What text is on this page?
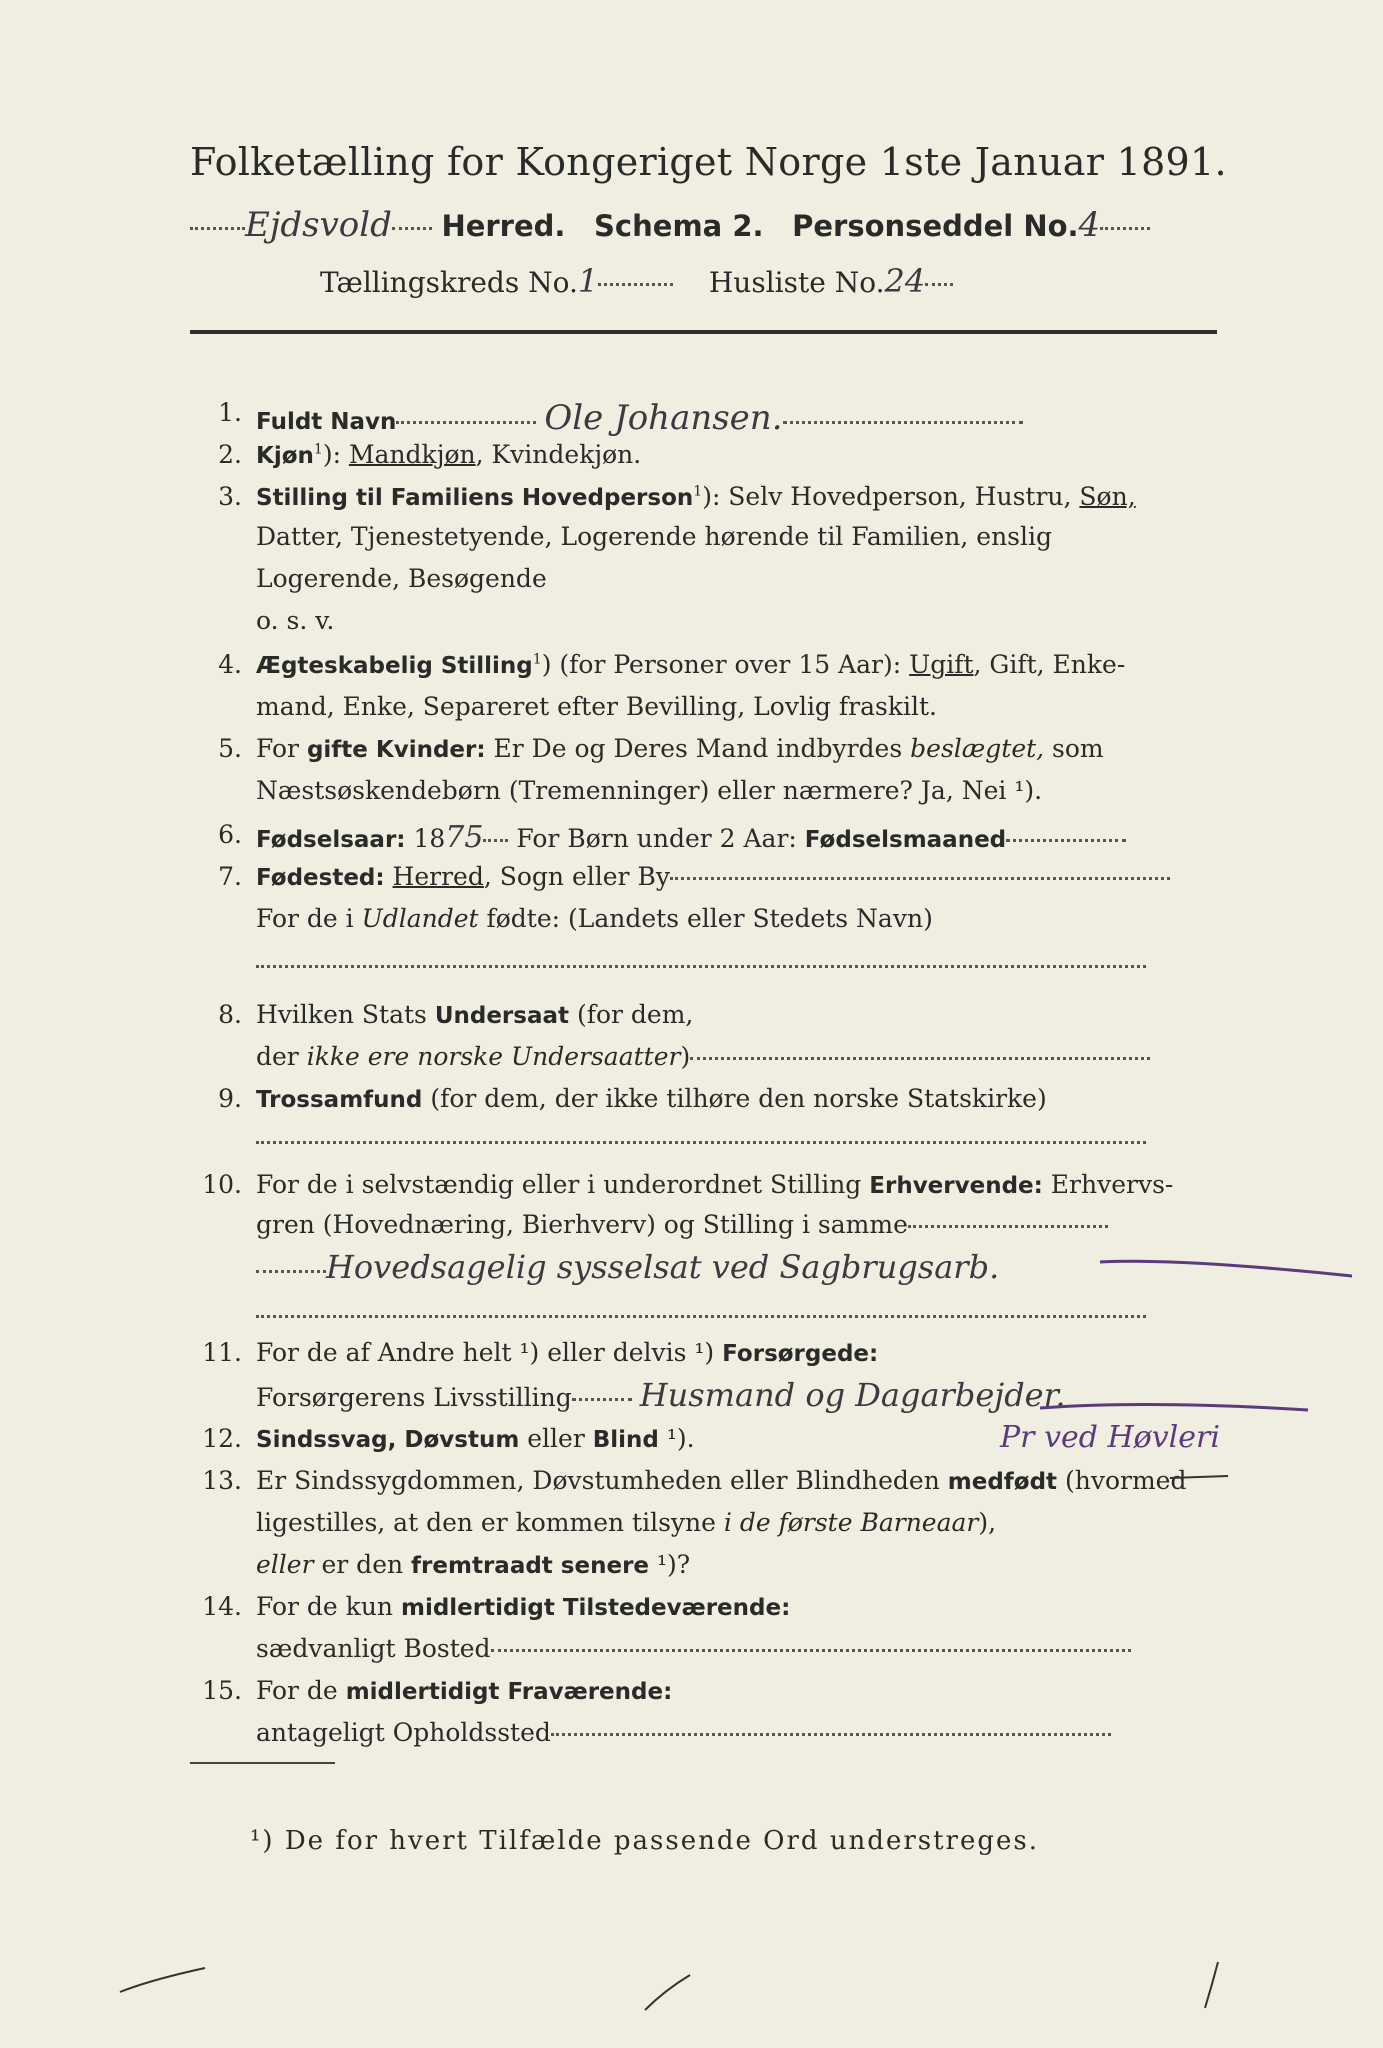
Folketælling for Kongeriget Norge 1ste Januar 1891.
Ejdsvold Herred. Schema 2. Personseddel No.4
Tællingskreds No.1	Husliste No.24
1. Fuldt Navn	Ole Johansen.
2. Kjøn$^1$): Mandkjøn, Kvindekjøn.
3. Stilling til Familiens Hovedperson$^1$): Selv Hovedperson, Hustru, Søn,
Datter, Tjenestetyende, Logerende hørende til Familien, enslig
Logerende, Besøgende
o. s. v.
4. Ægteskabelig Stilling$^1$) (for Personer over 15 Aar): Ugift, Gift, Enke-
mand, Enke, Separeret efter Bevilling, Lovlig fraskilt.
5. For gifte Kvinder: Er De og Deres Mand indbyrdes beslægtet, som
Næstsøskendebørn (Tremenninger) eller nærmere? Ja, Nei ¹).
6. Fødselsaar: 1875 For Børn under 2 Aar: Fødselsmaaned
7. Fødested: Herred, Sogn eller By
For de i Udlandet fødte: (Landets eller Stedets Navn)
8. Hvilken Stats Undersaat (for dem,
der ikke ere norske Undersaatter)
9. Trossamfund (for dem, der ikke tilhøre den norske Statskirke)
10. For de i selvstændig eller i underordnet Stilling Erhvervende: Erhvervs-
gren (Hovednæring, Bierhverv) og Stilling i samme
Hovedsagelig sysselsat ved Sagbrugsarb.
11. For de af Andre helt ¹) eller delvis ¹) Forsørgede:
Forsørgerens Livsstilling Husmand og Dagarbejder.
Pr ved Høvleri
12. Sindssvag, Døvstum eller Blind ¹).
13. Er Sindssygdommen, Døvstumheden eller Blindheden medfødt (hvormed
ligestilles, at den er kommen tilsyne i de første Barneaar),
eller er den fremtraadt senere ¹)?
14. For de kun midlertidigt Tilstedeværende:
sædvanligt Bosted
15. For de midlertidigt Fraværende:
antageligt Opholdssted
¹) De for hvert Tilfælde passende Ord understreges.
